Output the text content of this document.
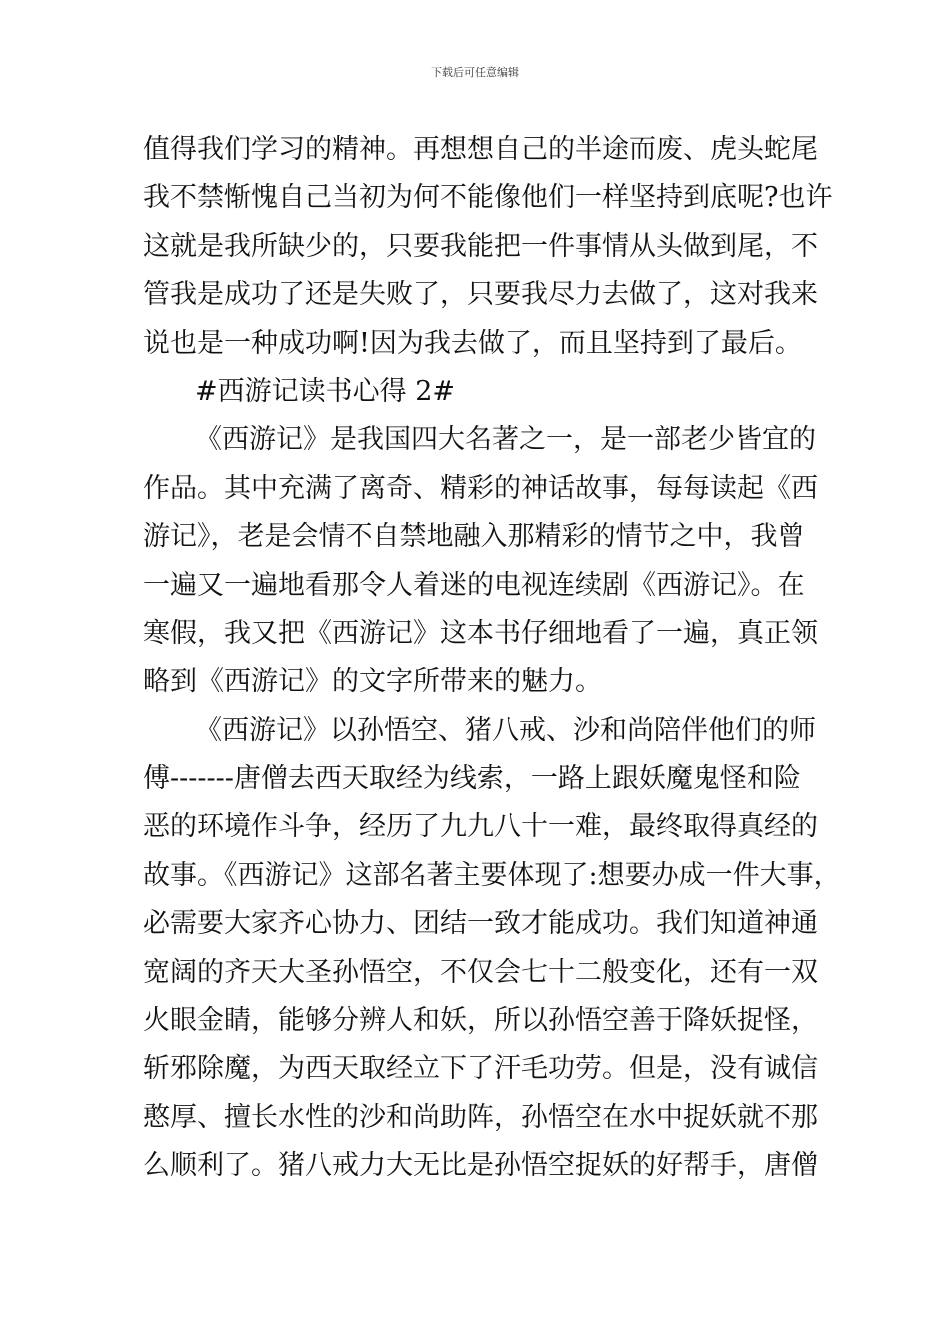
下载后可任意编辑
值得我们学习的精神。再想想自己的半途而废、虎头蛇尾
我不禁惭愧自己当初为何不能像他们一样坚持到底呢?也许
这就是我所缺少的，只要我能把一件事情从头做到尾，不
管我是成功了还是失败了，只要我尽力去做了，这对我来
说也是一种成功啊!因为我去做了，而且坚持到了最后。
#西游记读书心得 2#
《西游记》是我国四大名著之一，是一部老少皆宜的
作品。其中充满了离奇、精彩的神话故事，每每读起《西
游记》，老是会情不自禁地融入那精彩的情节之中，我曾
一遍又一遍地看那令人着迷的电视连续剧《西游记》。在
寒假，我又把《西游记》这本书仔细地看了一遍，真正领
略到《西游记》的文字所带来的魅力。
《西游记》以孙悟空、猪八戒、沙和尚陪伴他们的师
傅-------唐僧去西天取经为线索，一路上跟妖魔鬼怪和险
恶的环境作斗争，经历了九九八十一难，最终取得真经的
故事。《西游记》这部名著主要体现了:想要办成一件大事，
必需要大家齐心协力、团结一致才能成功。我们知道神通
宽阔的齐天大圣孙悟空，不仅会七十二般变化，还有一双
火眼金睛，能够分辨人和妖，所以孙悟空善于降妖捉怪，
斩邪除魔，为西天取经立下了汗毛功劳。但是，没有诚信
憨厚、擅长水性的沙和尚助阵，孙悟空在水中捉妖就不那
么顺利了。猪八戒力大无比是孙悟空捉妖的好帮手，唐僧
